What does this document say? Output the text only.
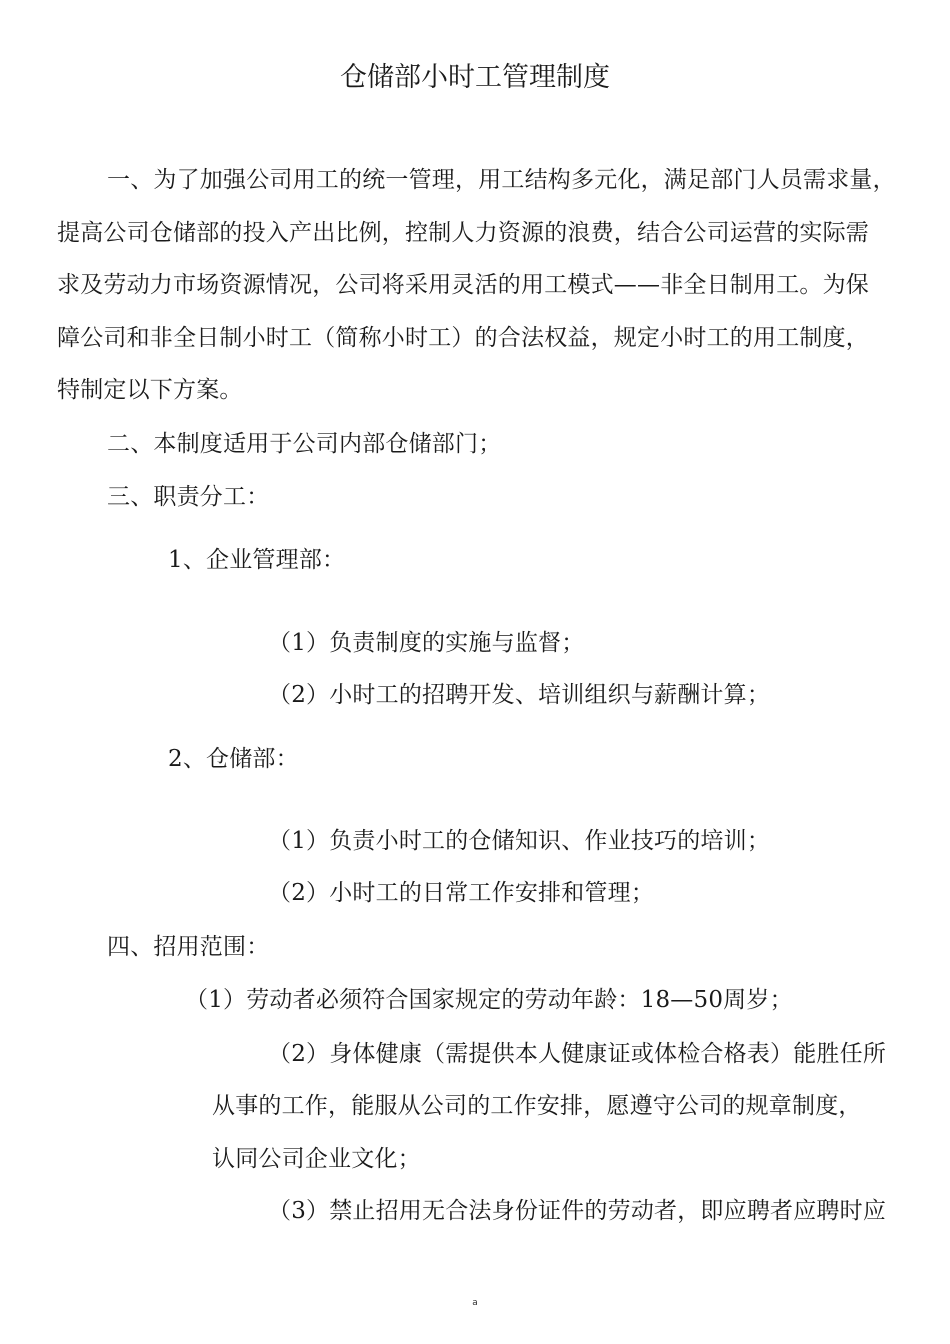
仓储部小时工管理制度
一、为了加强公司用工的统一管理，用工结构多元化，满足部门人员需求量，
提高公司仓储部的投入产出比例，控制人力资源的浪费，结合公司运营的实际需
求及劳动力市场资源情况，公司将采用灵活的用工模式——非全日制用工。为保
障公司和非全日制小时工（简称小时工）的合法权益，规定小时工的用工制度，
特制定以下方案。
二、本制度适用于公司内部仓储部门；
三、职责分工：
1、企业管理部：
（1）负责制度的实施与监督；
（2）小时工的招聘开发、培训组织与薪酬计算；
2、仓储部：
（1）负责小时工的仓储知识、作业技巧的培训；
（2）小时工的日常工作安排和管理；
四、招用范围：
（1）劳动者必须符合国家规定的劳动年龄：18—50周岁；
（2）身体健康（需提供本人健康证或体检合格表）能胜任所
从事的工作，能服从公司的工作安排，愿遵守公司的规章制度，
认同公司企业文化；
（3）禁止招用无合法身份证件的劳动者，即应聘者应聘时应
a
